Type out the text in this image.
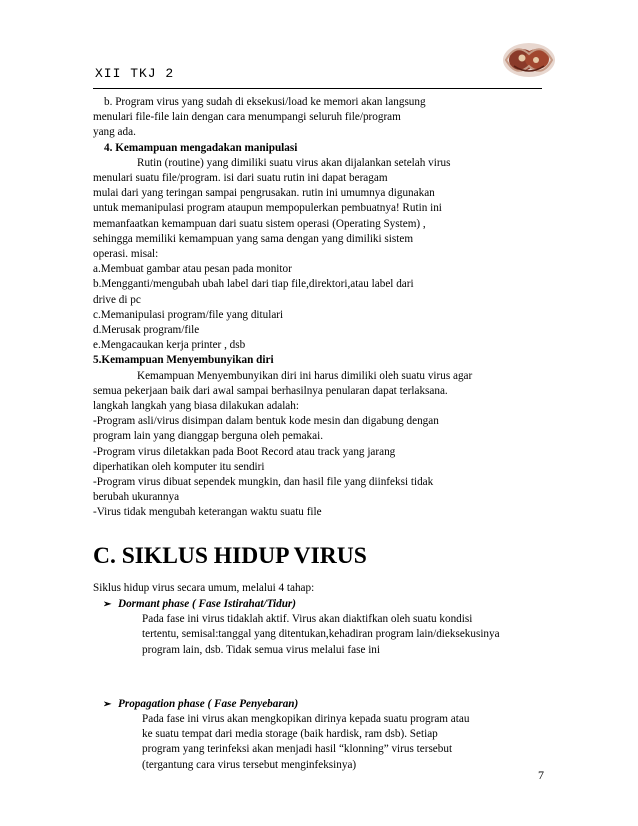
XII TKJ 2
b. Program virus yang sudah di eksekusi/load ke memori akan langsung
menulari file-file lain dengan cara menumpangi seluruh file/program
yang ada.
4. Kemampuan mengadakan manipulasi
Rutin (routine) yang dimiliki suatu virus akan dijalankan setelah virus
menulari suatu file/program. isi dari suatu rutin ini dapat beragam
mulai dari yang teringan sampai pengrusakan. rutin ini umumnya digunakan
untuk memanipulasi program ataupun mempopulerkan pembuatnya! Rutin ini
memanfaatkan kemampuan dari suatu sistem operasi (Operating System) ,
sehingga memiliki kemampuan yang sama dengan yang dimiliki sistem
operasi. misal:
a.Membuat gambar atau pesan pada monitor
b.Mengganti/mengubah ubah label dari tiap file,direktori,atau label dari
drive di pc
c.Memanipulasi program/file yang ditulari
d.Merusak program/file
e.Mengacaukan kerja printer , dsb
5.Kemampuan Menyembunyikan diri
Kemampuan Menyembunyikan diri ini harus dimiliki oleh suatu virus agar
semua pekerjaan baik dari awal sampai berhasilnya penularan dapat terlaksana.
langkah langkah yang biasa dilakukan adalah:
-Program asli/virus disimpan dalam bentuk kode mesin dan digabung dengan
program lain yang dianggap berguna oleh pemakai.
-Program virus diletakkan pada Boot Record atau track yang jarang
diperhatikan oleh komputer itu sendiri
-Program virus dibuat sependek mungkin, dan hasil file yang diinfeksi tidak
berubah ukurannya
-Virus tidak mengubah keterangan waktu suatu file
C. SIKLUS HIDUP VIRUS
Siklus hidup virus secara umum, melalui 4 tahap:
➢ Dormant phase ( Fase Istirahat/Tidur)
Pada fase ini virus tidaklah aktif. Virus akan diaktifkan oleh suatu kondisi
tertentu, semisal:tanggal yang ditentukan,kehadiran program lain/dieksekusinya
program lain, dsb. Tidak semua virus melalui fase ini
➢ Propagation phase ( Fase Penyebaran)
Pada fase ini virus akan mengkopikan dirinya kepada suatu program atau
ke suatu tempat dari media storage (baik hardisk, ram dsb). Setiap
program yang terinfeksi akan menjadi hasil “klonning” virus tersebut
(tergantung cara virus tersebut menginfeksinya)
7
